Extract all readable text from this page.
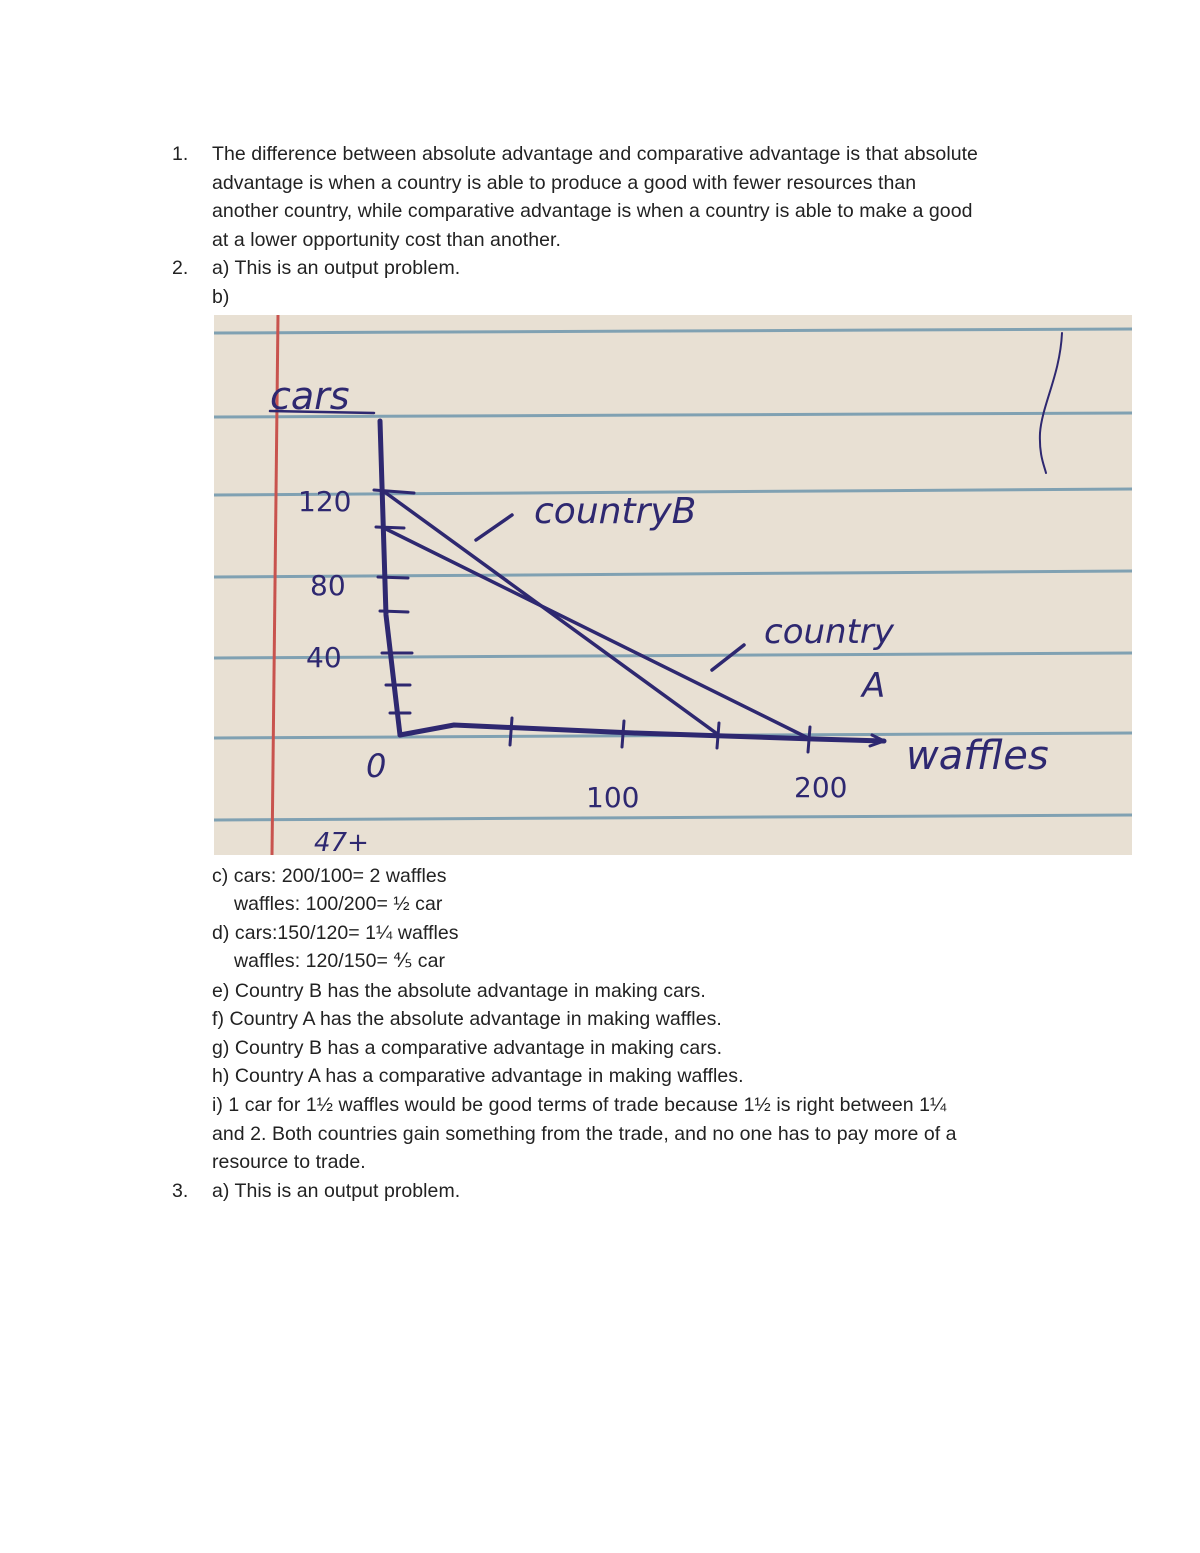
1. The difference between absolute advantage and comparative advantage is that absolute
advantage is when a country is able to produce a good with fewer resources than
another country, while comparative advantage is when a country is able to make a good
at a lower opportunity cost than another.
2. a) This is an output problem.
b)
cars
120
80
40
0
100	200
countryB
country
A
waffles
47+
c) cars: 200/100= 2 waffles
waffles: 100/200= ½ car
d) cars:150/120= 1¼ waffles
waffles: 120/150= ⅘ car
e) Country B has the absolute advantage in making cars.
f) Country A has the absolute advantage in making waffles.
g) Country B has a comparative advantage in making cars.
h) Country A has a comparative advantage in making waffles.
i) 1 car for 1½ waffles would be good terms of trade because 1½ is right between 1¼
and 2. Both countries gain something from the trade, and no one has to pay more of a
resource to trade.
3. a) This is an output problem.
